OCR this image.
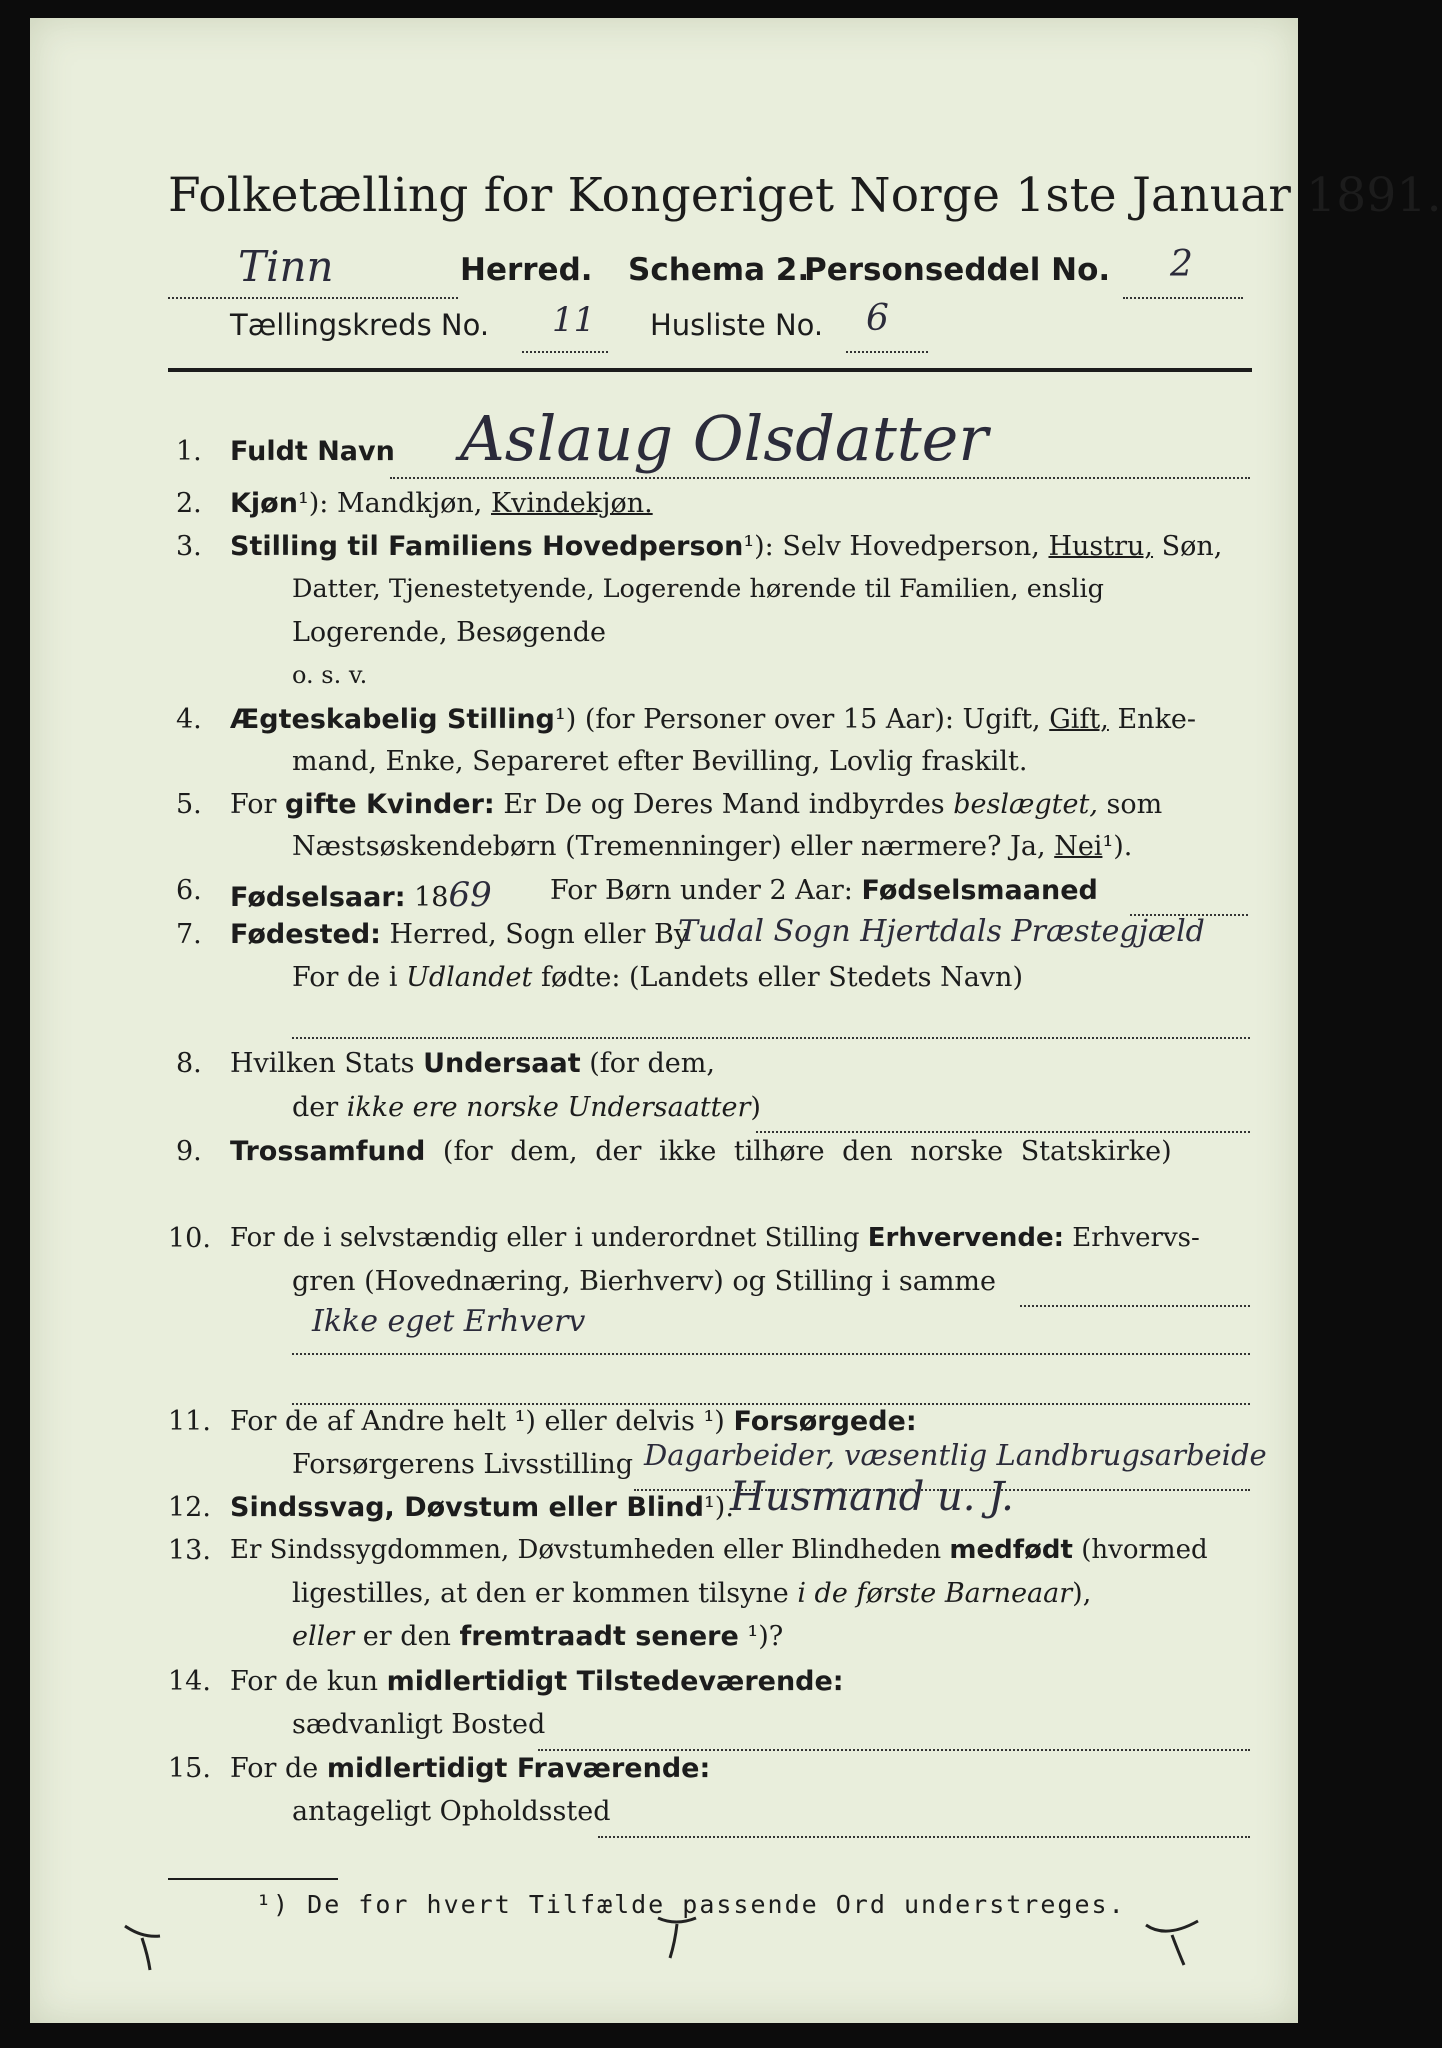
Folketælling for Kongeriget Norge 1ste Januar 1891.
Tinn	Herred. Schema 2.
Personseddel No. 2
Tællingskreds No. 11 Husliste No. 6
1. Fuldt Navn Aslaug Olsdatter
2. Kjøn¹): Mandkjøn, Kvindekjøn.
3. Stilling til Familiens Hovedperson¹): Selv Hovedperson, Hustru, Søn,
Datter, Tjenestetyende, Logerende hørende til Familien, enslig
Logerende, Besøgende
o. s. v.
4. Ægteskabelig Stilling¹) (for Personer over 15 Aar): Ugift, Gift, Enke-
mand, Enke, Separeret efter Bevilling, Lovlig fraskilt.
5. For gifte Kvinder: Er De og Deres Mand indbyrdes beslægtet, som
Næstsøskendebørn (Tremenninger) eller nærmere? Ja, Nei¹).
6. Fødselsaar: 1869 For Børn under 2 Aar: Fødselsmaaned
7. Fødested: Herred, Sogn eller By
Tudal Sogn Hjertdals Præstegjæld
For de i Udlandet fødte: (Landets eller Stedets Navn)
8. Hvilken Stats Undersaat (for dem,
der ikke ere norske Undersaatter)
9. Trossamfund (for dem, der ikke tilhøre den norske Statskirke)
10. For de i selvstændig eller i underordnet Stilling Erhvervende: Erhvervs-
gren (Hovednæring, Bierhverv) og Stilling i samme
Ikke eget Erhverv
11. For de af Andre helt ¹) eller delvis ¹) Forsørgede:
Forsørgerens Livsstilling Dagarbeider, væsentlig Landbrugsarbeide
12. Sindssvag, Døvstum eller Blind¹).
Husmand u. J.
13. Er Sindssygdommen, Døvstumheden eller Blindheden medfødt (hvormed
ligestilles, at den er kommen tilsyne i de første Barneaar),
eller er den fremtraadt senere ¹)?
14. For de kun midlertidigt Tilstedeværende:
sædvanligt Bosted
15. For de midlertidigt Fraværende:
antageligt Opholdssted
¹) De for hvert Tilfælde passende Ord understreges.
